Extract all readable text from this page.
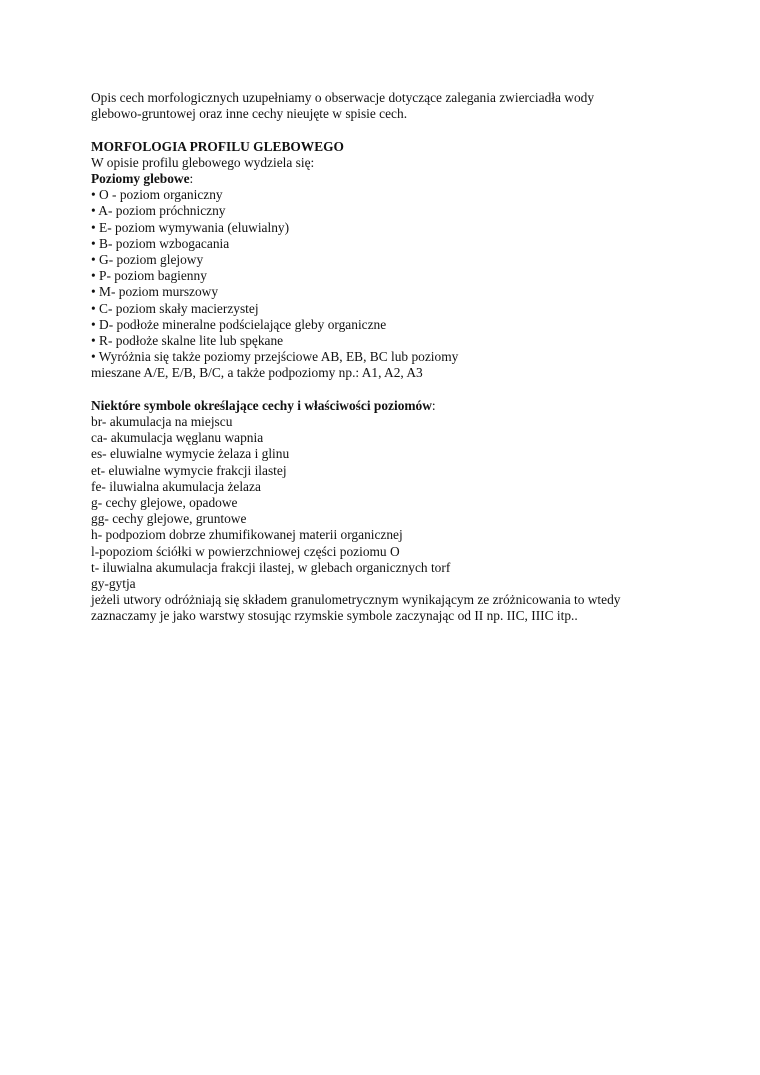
Opis cech morfologicznych uzupełniamy o obserwacje dotyczące zalegania zwierciadła wody
glebowo-gruntowej oraz inne cechy nieujęte w spisie cech.
MORFOLOGIA PROFILU GLEBOWEGO
W opisie profilu glebowego wydziela się:
Poziomy glebowe:
• O - poziom organiczny
• A- poziom próchniczny
• E- poziom wymywania (eluwialny)
• B- poziom wzbogacania
• G- poziom glejowy
• P- poziom bagienny
• M- poziom murszowy
• C- poziom skały macierzystej
• D- podłoże mineralne podścielające gleby organiczne
• R- podłoże skalne lite lub spękane
• Wyróżnia się także poziomy przejściowe AB, EB, BC lub poziomy
mieszane A/E, E/B, B/C, a także podpoziomy np.: A1, A2, A3
Niektóre symbole określające cechy i właściwości poziomów:
br- akumulacja na miejscu
ca- akumulacja węglanu wapnia
es- eluwialne wymycie żelaza i glinu
et- eluwialne wymycie frakcji ilastej
fe- iluwialna akumulacja żelaza
g- cechy glejowe, opadowe
gg- cechy glejowe, gruntowe
h- podpoziom dobrze zhumifikowanej materii organicznej
l-popoziom ściółki w powierzchniowej części poziomu O
t- iluwialna akumulacja frakcji ilastej, w glebach organicznych torf
gy-gytja
jeżeli utwory odróżniają się składem granulometrycznym wynikającym ze zróżnicowania to wtedy
zaznaczamy je jako warstwy stosując rzymskie symbole zaczynając od II np. IIC, IIIC itp..
